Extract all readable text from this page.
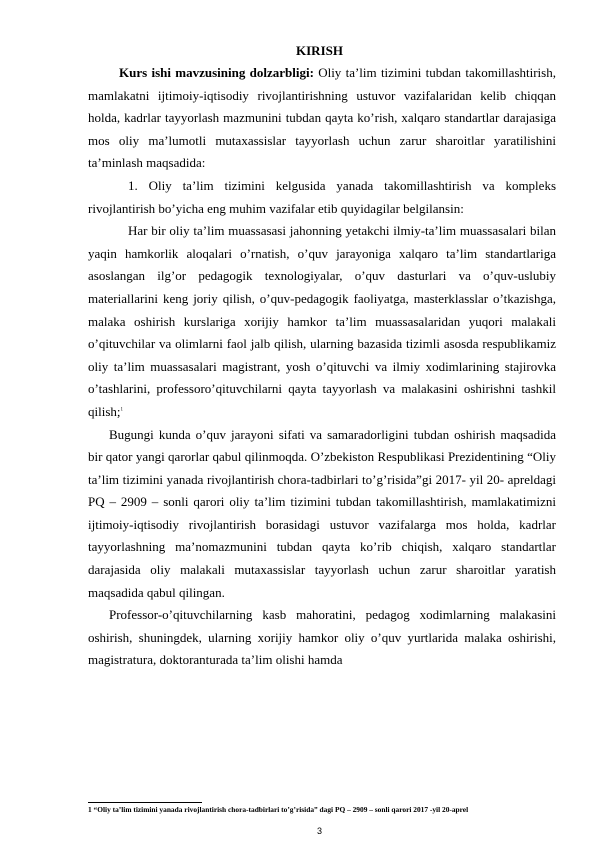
KIRISH

Kurs ishi mavzusining dolzarbligi: Oliy ta’lim tizimini tubdan takomillashtirish, mamlakatni ijtimoiy-iqtisodiy rivojlantirishning ustuvor vazifalaridan kelib chiqqan holda, kadrlar tayyorlash mazmunini tubdan qayta ko’rish, xalqaro standartlar darajasiga mos oliy ma’lumotli mutaxassislar tayyorlash uchun zarur sharoitlar yaratilishini ta’minlash maqsadida:

1. Oliy ta’lim tizimini kelgusida yanada takomillashtirish va kompleks rivojlantirish bo’yicha eng muhim vazifalar etib quyidagilar belgilansin:

Har bir oliy ta’lim muassasasi jahonning yetakchi ilmiy-ta’lim muassasalari bilan yaqin hamkorlik aloqalari o’rnatish, o’quv jarayoniga xalqaro ta’lim standartlariga asoslangan ilg’or pedagogik texnologiyalar, o’quv dasturlari va o’quv-uslubiy materiallarini keng joriy qilish, o’quv-pedagogik faoliyatga, masterklasslar o’tkazishga, malaka oshirish kurslariga xorijiy hamkor ta’lim muassasalaridan yuqori malakali o’qituvchilar va olimlarni faol jalb qilish, ularning bazasida tizimli asosda respublikamiz oliy ta’lim muassasalari magistrant, yosh o’qituvchi va ilmiy xodimlarining stajirovka o’tashlarini, professoro’qituvchilarni qayta tayyorlash va malakasini oshirishni tashkil qilish;$^1$

Bugungi kunda o’quv jarayoni sifati va samaradorligini tubdan oshirish maqsadida bir qator yangi qarorlar qabul qilinmoqda. O’zbekiston Respublikasi Prezidentining “Oliy ta’lim tizimini yanada rivojlantirish chora-tadbirlari to’g’risida”gi 2017- yil 20- apreldagi PQ – 2909 – sonli qarori oliy ta’lim tizimini tubdan takomillashtirish, mamlakatimizni ijtimoiy-iqtisodiy rivojlantirish borasidagi ustuvor vazifalarga mos holda, kadrlar tayyorlashning ma’nomazmunini tubdan qayta ko’rib chiqish, xalqaro standartlar darajasida oliy malakali mutaxassislar tayyorlash uchun zarur sharoitlar yaratish maqsadida qabul qilingan.

Professor-o’qituvchilarning kasb mahoratini, pedagog xodimlarning malakasini oshirish, shuningdek, ularning xorijiy hamkor oliy o’quv yurtlarida malaka oshirishi, magistratura, doktoranturada ta’lim olishi hamda

1 “Oliy ta’lim tizimini yanada rivojlantirish chora-tadbirlari to’g’risida” dagi PQ – 2909 – sonli qarori 2017 -yil 20-aprel
3
